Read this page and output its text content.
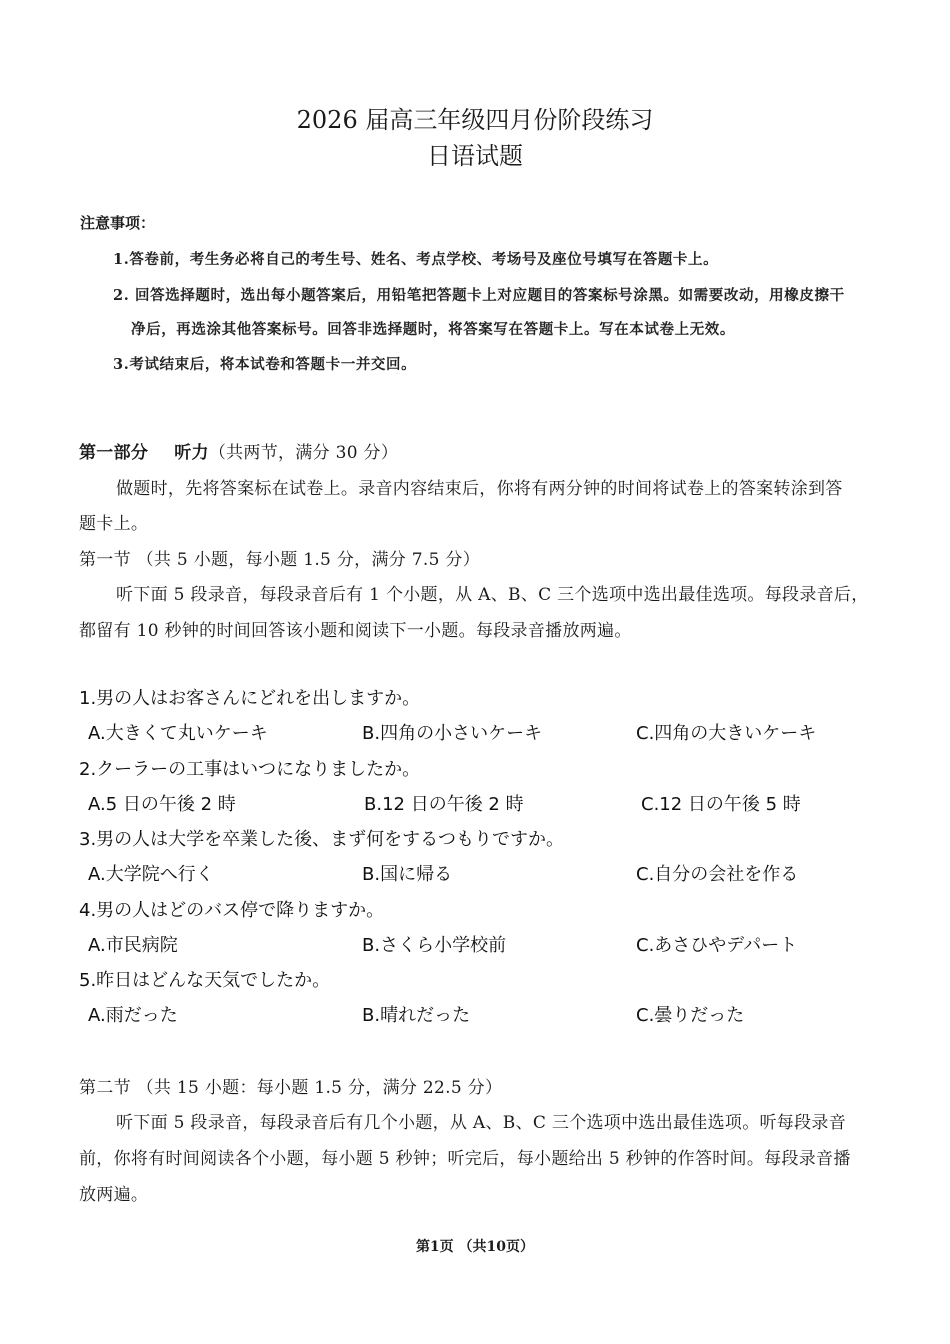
2026 届高三年级四月份阶段练习
日语试题
注意事项：
1.答卷前，考生务必将自己的考生号、姓名、考点学校、考场号及座位号填写在答题卡上。
2. 回答选择题时，选出每小题答案后，用铅笔把答题卡上对应题目的答案标号涂黑。如需要改动，用橡皮擦干
净后，再选涂其他答案标号。回答非选择题时，将答案写在答题卡上。写在本试卷上无效。
3.考试结束后，将本试卷和答题卡一并交回。
第一部分 听力（共两节，满分 30 分）
做题时，先将答案标在试卷上。录音内容结束后，你将有两分钟的时间将试卷上的答案转涂到答
题卡上。
第一节 （共 5 小题，每小题 1.5 分，满分 7.5 分）
听下面 5 段录音，每段录音后有 1 个小题，从 A、B、C 三个选项中选出最佳选项。每段录音后，
都留有 10 秒钟的时间回答该小题和阅读下一小题。每段录音播放两遍。
1.男の人はお客さんにどれを出しますか。
A.大きくて丸いケーキ	B.四角の小さいケーキ	C.四角の大きいケーキ
2.クーラーの工事はいつになりましたか。
A.5 日の午後 2 時	B.12 日の午後 2 時	C.12 日の午後 5 時
3.男の人は大学を卒業した後、まず何をするつもりですか。
A.大学院へ行く	B.国に帰る	C.自分の会社を作る
4.男の人はどのバス停で降りますか。
A.市民病院	B.さくら小学校前	C.あさひやデパート
5.昨日はどんな天気でしたか。
A.雨だった	B.晴れだった	C.曇りだった
第二节 （共 15 小题：每小题 1.5 分，满分 22.5 分）
听下面 5 段录音，每段录音后有几个小题，从 A、B、C 三个选项中选出最佳选项。听每段录音
前，你将有时间阅读各个小题，每小题 5 秒钟；听完后，每小题给出 5 秒钟的作答时间。每段录音播
放两遍。
第1页 （共10页）
